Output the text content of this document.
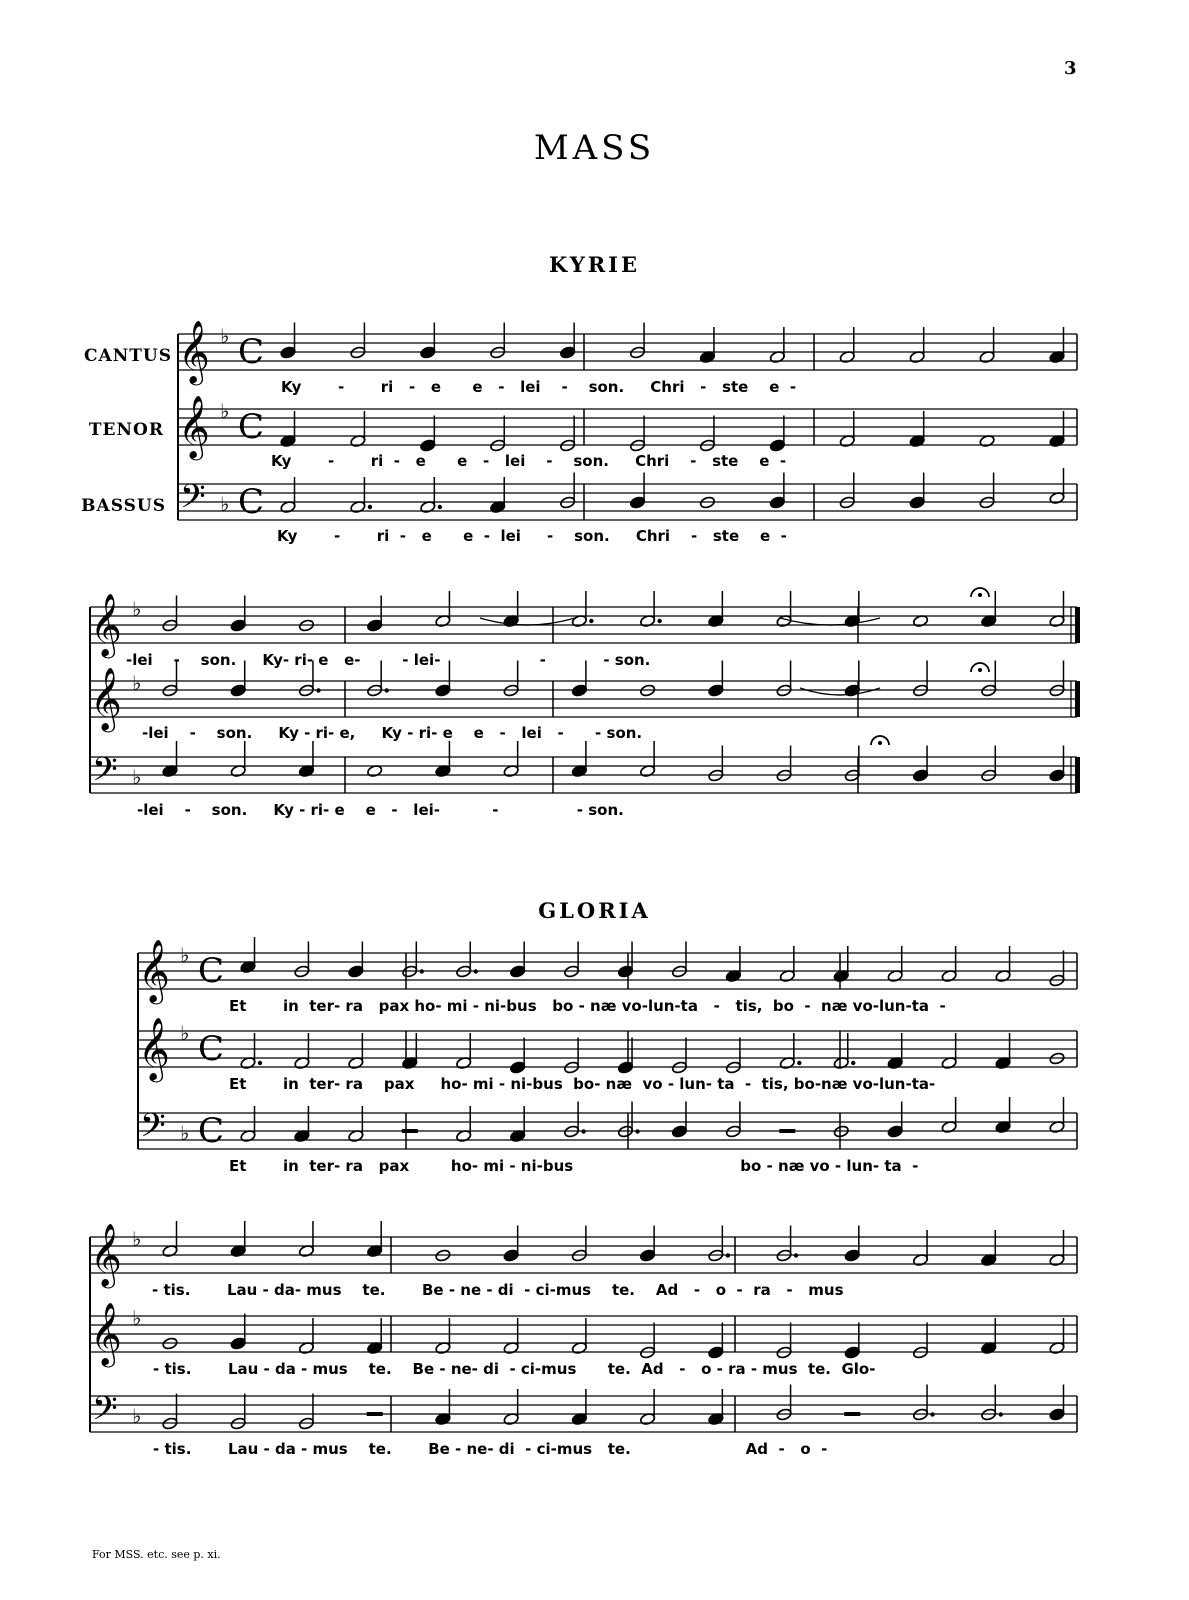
3
MASS
KYRIE
GLORIA
CANTUS
TENOR
BASSUS
𝄞 ♭ C
𝄞 ♭ C
𝄢 ♭ C
𝄞 ♭
𝄞 ♭
𝄢 ♭
𝄞 ♭ C
𝄞 ♭ C
𝄢 ♭ C
𝄞 ♭
𝄞 ♭
𝄢 ♭
Ky       -       ri   -   e      e   -   lei    -    son.     Chri   -   ste    e  -
Ky       -       ri  -   e      e   -   lei    -    son.     Chri    -   ste    e  -
Ky       -       ri  -   e      e  -  lei     -    son.     Chri    -   ste    e  -
-lei    -    son.     Ky- ri- e   e-        - lei-                   -           - son.
-lei    -    son.     Ky - ri- e,     Ky - ri- e    e   -   lei   -      - son.
-lei    -    son.     Ky - ri- e    e   -   lei-          -               - son.
Et       in  ter- ra   pax ho- mi - ni-bus   bo - næ vo-lun-ta   -   tis,  bo  -  næ vo-lun-ta  -
Et       in  ter- ra    pax     ho- mi - ni-bus  bo- næ  vo - lun- ta  -  tis, bo-næ vo-lun-ta-
Et       in  ter- ra   pax        ho- mi - ni-bus                                bo - næ vo - lun- ta  -
- tis.       Lau - da- mus    te.       Be - ne - di  - ci-mus    te.    Ad   -   o  -  ra   -   mus
- tis.       Lau - da - mus    te.    Be - ne- di  - ci-mus      te.  Ad   -   o - ra - mus  te.  Glo-
- tis.       Lau - da - mus    te.       Be - ne- di  - ci-mus   te.                      Ad  -   o  -
For MSS. etc. see p. xi.
